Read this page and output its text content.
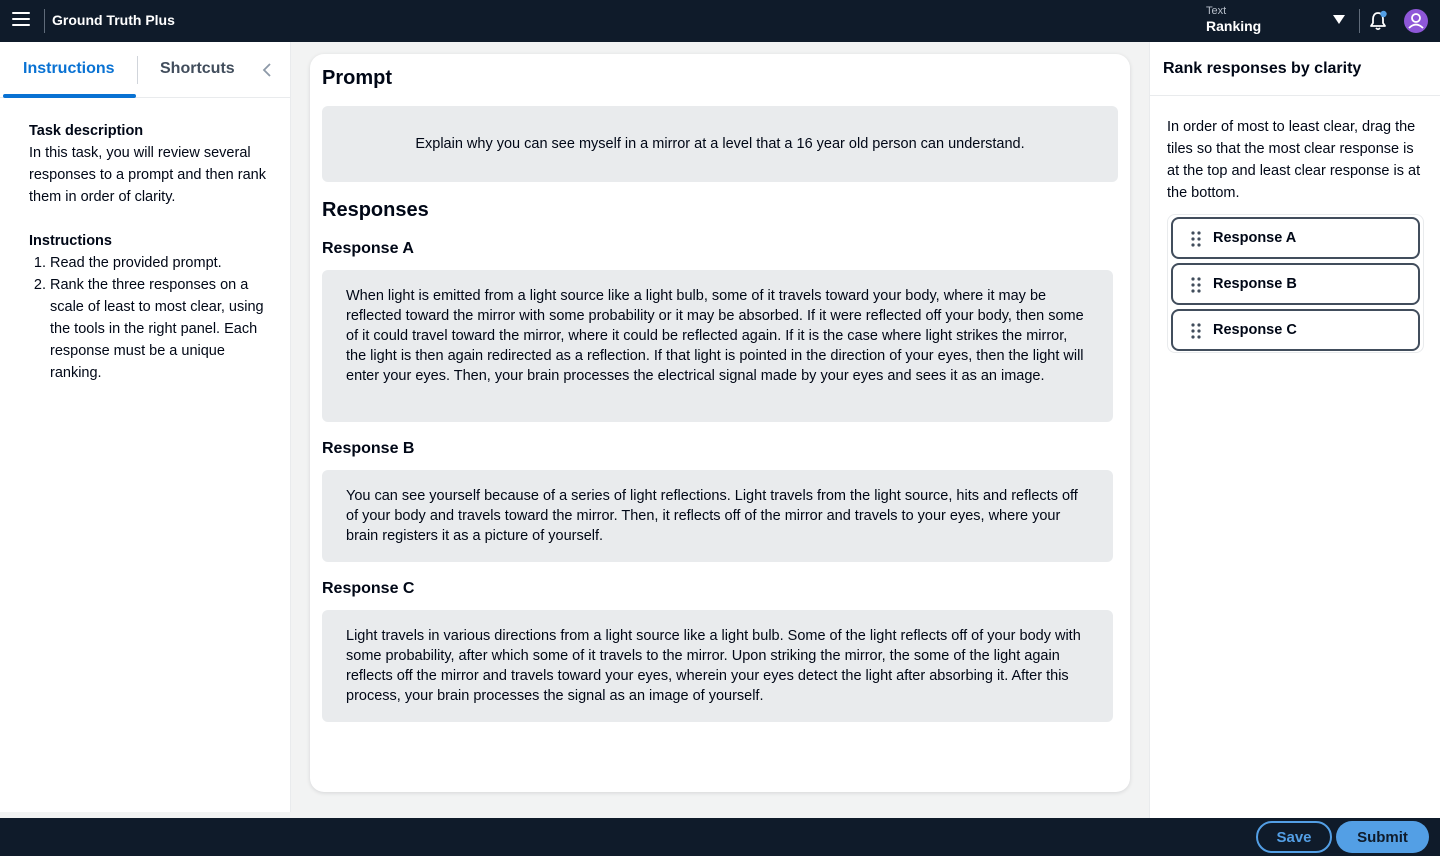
Ground Truth Plus
Text
Ranking
Instructions	Shortcuts
Task description

In this task, you will review several responses to a prompt and then rank them in order of clarity.

Instructions
1. Read the provided prompt.
2. Rank the three responses on a scale of least to most clear, using the tools in the right panel. Each response must be a unique ranking.
Prompt
Explain why you can see myself in a mirror at a level that a 16 year old person can understand.
Responses
Response A
When light is emitted from a light source like a light bulb, some of it travels toward your body, where it may be reflected toward the mirror with some probability or it may be absorbed. If it were reflected off your body, then some of it could travel toward the mirror, where it could be reflected again. If it is the case where light strikes the mirror, the light is then again redirected as a reflection. If that light is pointed in the direction of your eyes, then the light will enter your eyes. Then, your brain processes the electrical signal made by your eyes and sees it as an image.
Response B
You can see yourself because of a series of light reflections. Light travels from the light source, hits and reflects off of your body and travels toward the mirror. Then, it reflects off of the mirror and travels to your eyes, where your brain registers it as a picture of yourself.
Response C
Light travels in various directions from a light source like a light bulb. Some of the light reflects off of your body with some probability, after which some of it travels to the mirror. Upon striking the mirror, the some of the light again reflects off the mirror and travels toward your eyes, wherein your eyes detect the light after absorbing it. After this process, your brain processes the signal as an image of yourself.
Rank responses by clarity
In order of most to least clear, drag the tiles so that the most clear response is at the top and least clear response is at the bottom.
Response A
Response B
Response C
Save	Submit
